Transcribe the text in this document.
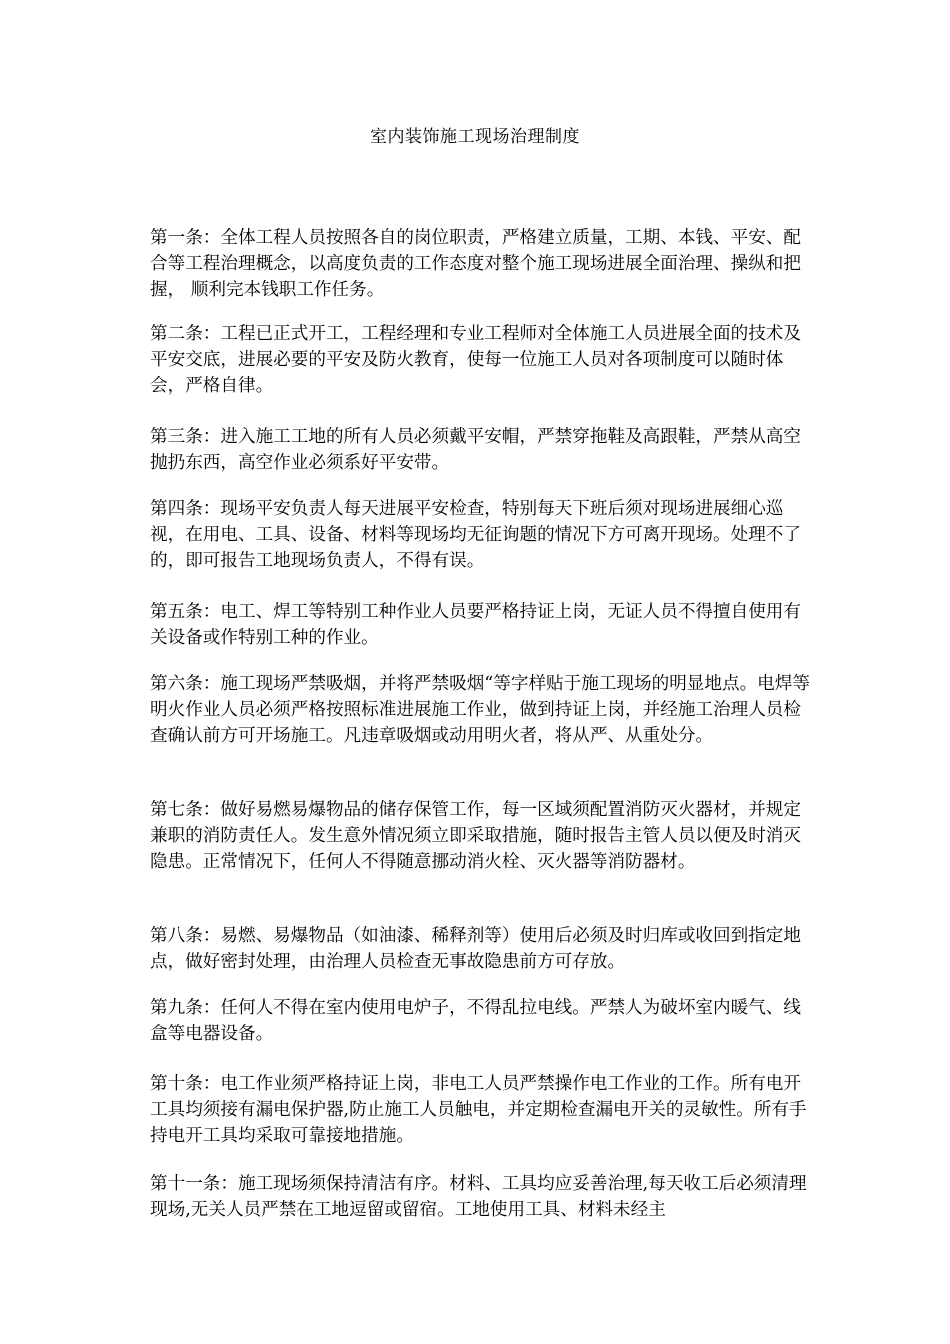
室内装饰施工现场治理制度

第一条：全体工程人员按照各自的岗位职责，严格建立质量，工期、本钱、平安、配合等工程治理概念，以高度负责的工作态度对整个施工现场进展全面治理、操纵和把握， 顺利完本钱职工作任务。

第二条：工程已正式开工，工程经理和专业工程师对全体施工人员进展全面的技术及平安交底，进展必要的平安及防火教育，使每一位施工人员对各项制度可以随时体会，严格自律。

第三条：进入施工工地的所有人员必须戴平安帽，严禁穿拖鞋及高跟鞋，严禁从高空抛扔东西，高空作业必须系好平安带。

第四条：现场平安负责人每天进展平安检查，特别每天下班后须对现场进展细心巡视，在用电、工具、设备、材料等现场均无征询题的情况下方可离开现场。处理不了的，即可报告工地现场负责人，不得有误。

第五条：电工、焊工等特别工种作业人员要严格持证上岗，无证人员不得擅自使用有关设备或作特别工种的作业。

第六条：施工现场严禁吸烟，并将严禁吸烟“等字样贴于施工现场的明显地点。电焊等明火作业人员必须严格按照标准进展施工作业，做到持证上岗，并经施工治理人员检查确认前方可开场施工。凡违章吸烟或动用明火者，将从严、从重处分。

第七条：做好易燃易爆物品的储存保管工作，每一区域须配置消防灭火器材，并规定兼职的消防责任人。发生意外情况须立即采取措施，随时报告主管人员以便及时消灭隐患。正常情况下，任何人不得随意挪动消火栓、灭火器等消防器材。

第八条：易燃、易爆物品（如油漆、稀释剂等）使用后必须及时归库或收回到指定地点，做好密封处理，由治理人员检查无事故隐患前方可存放。

第九条：任何人不得在室内使用电炉子，不得乱拉电线。严禁人为破坏室内暖气、线盒等电器设备。

第十条：电工作业须严格持证上岗，非电工人员严禁操作电工作业的工作。所有电开工具均须接有漏电保护器,防止施工人员触电，并定期检查漏电开关的灵敏性。所有手持电开工具均采取可靠接地措施。

第十一条：施工现场须保持清洁有序。材料、工具均应妥善治理,每天收工后必须清理现场,无关人员严禁在工地逗留或留宿。工地使用工具、材料未经主
